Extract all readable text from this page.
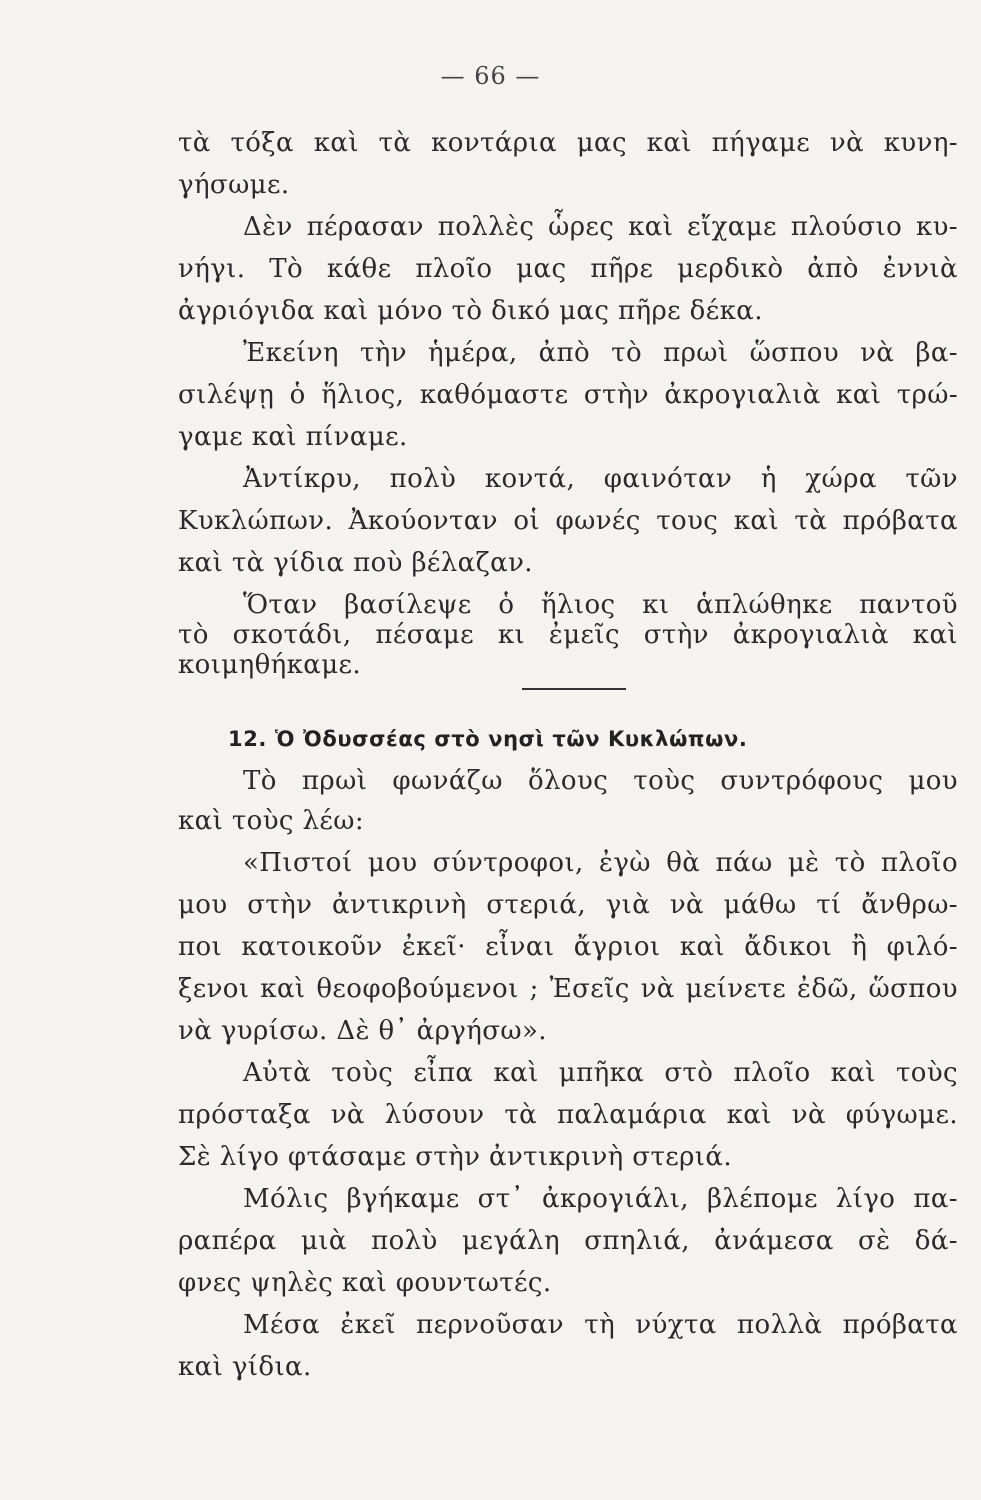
— 66 —
τὰ τόξα καὶ τὰ κοντάρια μας καὶ πήγαμε νὰ κυνη-
γήσωμε.
Δὲν πέρασαν πολλὲς ὧρες καὶ εἴχαμε πλούσιο κυ-
νήγι. Τὸ κάθε πλοῖο μας πῆρε μερδικὸ ἀπὸ ἐννιὰ
ἀγριόγιδα καὶ μόνο τὸ δικό μας πῆρε δέκα.
Ἐκείνη τὴν ἡμέρα, ἀπὸ τὸ πρωὶ ὥσπου νὰ βα-
σιλέψῃ ὁ ἥλιος, καθόμαστε στὴν ἀκρογιαλιὰ καὶ τρώ-
γαμε καὶ πίναμε.
Ἀντίκρυ, πολὺ κοντά, φαινόταν ἡ χώρα τῶν
Κυκλώπων. Ἀκούονταν οἱ φωνές τους καὶ τὰ πρόβατα
καὶ τὰ γίδια ποὺ βέλαζαν.
Ὅταν βασίλεψε ὁ ἥλιος κι ἁπλώθηκε παντοῦ
τὸ σκοτάδι, πέσαμε κι ἐμεῖς στὴν ἀκρογιαλιὰ καὶ
κοιμηθήκαμε.
12. Ὁ Ὀδυσσέας στὸ νησὶ τῶν Κυκλώπων.
Τὸ πρωὶ φωνάζω ὅλους τοὺς συντρόφους μου
καὶ τοὺς λέω:
«Πιστοί μου σύντροφοι, ἐγὼ θὰ πάω μὲ τὸ πλοῖο
μου στὴν ἀντικρινὴ στεριά, γιὰ νὰ μάθω τί ἄνθρω-
ποι κατοικοῦν ἐκεῖ· εἶναι ἄγριοι καὶ ἄδικοι ἢ φιλό-
ξενοι καὶ θεοφοβούμενοι ; Ἐσεῖς νὰ μείνετε ἐδῶ, ὥσπου
νὰ γυρίσω. Δὲ θ᾽ ἀργήσω».
Αὐτὰ τοὺς εἶπα καὶ μπῆκα στὸ πλοῖο καὶ τοὺς
πρόσταξα νὰ λύσουν τὰ παλαμάρια καὶ νὰ φύγωμε.
Σὲ λίγο φτάσαμε στὴν ἀντικρινὴ στεριά.
Μόλις βγήκαμε στ᾽ ἀκρογιάλι, βλέπομε λίγο πα-
ραπέρα μιὰ πολὺ μεγάλη σπηλιά, ἀνάμεσα σὲ δά-
φνες ψηλὲς καὶ φουντωτές.
Μέσα ἐκεῖ περνοῦσαν τὴ νύχτα πολλὰ πρόβατα
καὶ γίδια.
